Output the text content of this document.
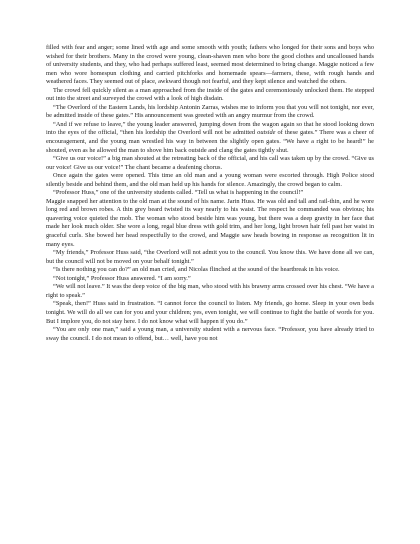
filled with fear and anger; some lined with age and some smooth with youth; fathers who longed for their sons and boys who wished for their brothers. Many in the crowd were young, clean-shaven men who bore the good clothes and uncalloused hands of university students, and they, who had perhaps suffered least, seemed most determined to bring change. Maggie noticed a few men who wore homespun clothing and carried pitchforks and homemade spears—farmers, these, with rough hands and weathered faces. They seemed out of place, awkward though not fearful, and they kept silence and watched the others.

The crowd fell quickly silent as a man approached from the inside of the gates and ceremoniously unlocked them. He stepped out into the street and surveyed the crowd with a look of high disdain.

“The Overlord of the Eastern Lands, his lordship Antonin Zarras, wishes me to inform you that you will not tonight, nor ever, be admitted inside of these gates.” His announcement was greeted with an angry murmur from the crowd.

“And if we refuse to leave,” the young leader answered, jumping down from the wagon again so that he stood looking down into the eyes of the official, “then his lordship the Overlord will not be admitted outside of these gates.” There was a cheer of encouragement, and the young man wrestled his way in between the slightly open gates. “We have a right to be heard!” he shouted, even as he allowed the man to shove him back outside and clang the gates tightly shut.

“Give us our voice!” a big man shouted at the retreating back of the official, and his call was taken up by the crowd. “Give us our voice! Give us our voice!” The chant became a deafening chorus.

Once again the gates were opened. This time an old man and a young woman were escorted through. High Police stood silently beside and behind them, and the old man held up his hands for silence. Amazingly, the crowd began to calm.

“Professor Huss,” one of the university students called. “Tell us what is happening in the council!”

Maggie snapped her attention to the old man at the sound of his name. Jarin Huss. He was old and tall and rail-thin, and he wore long red and brown robes. A thin grey beard twisted its way nearly to his waist. The respect he commanded was obvious; his quavering voice quieted the mob. The woman who stood beside him was young, but there was a deep gravity in her face that made her look much older. She wore a long, regal blue dress with gold trim, and her long, light brown hair fell past her waist in graceful curls. She bowed her head respectfully to the crowd, and Maggie saw heads bowing in response as recognition lit in many eyes.

“My friends,” Professor Huss said, “the Overlord will not admit you to the council. You know this. We have done all we can, but the council will not be moved on your behalf tonight.”

“Is there nothing you can do?” an old man cried, and Nicolas flinched at the sound of the heartbreak in his voice.

“Not tonight,” Professor Huss answered. “I am sorry.”

“We will not leave.” It was the deep voice of the big man, who stood with his brawny arms crossed over his chest. “We have a right to speak.”

“Speak, then!” Huss said in frustration. “I cannot force the council to listen. My friends, go home. Sleep in your own beds tonight. We will do all we can for you and your children; yes, even tonight, we will continue to fight the battle of words for you. But I implore you, do not stay here. I do not know what will happen if you do.”

“You are only one man,” said a young man, a university student with a nervous face. “Professor, you have already tried to sway the council. I do not mean to offend, but… well, have you not
